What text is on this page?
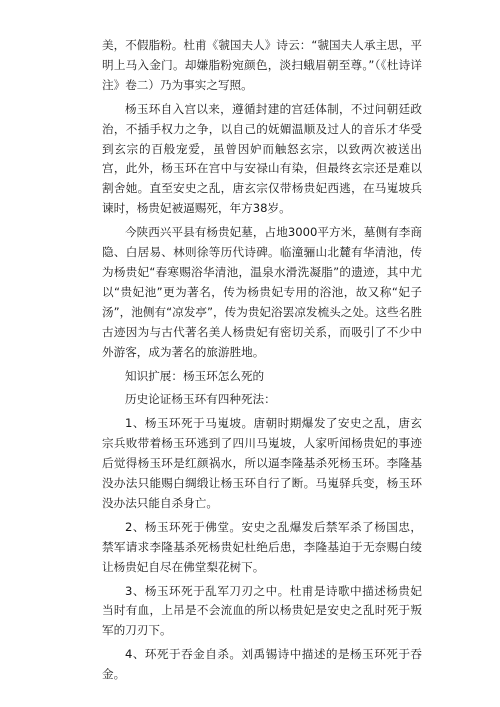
美，不假脂粉。杜甫《虢国夫人》诗云：“虢国夫人承主思，平明上马入金门。却嫌脂粉宛颜色，淡扫蛾眉朝至尊。”（《杜诗详注》卷二）乃为事实之写照。

杨玉环自入宫以来，遵循封建的宫廷体制，不过问朝廷政治，不插手权力之争，以自己的妩媚温顺及过人的音乐才华受到玄宗的百般宠爱，虽曾因妒而触怒玄宗，以致两次被送出宫，此外，杨玉环在宫中与安禄山有染，但最终玄宗还是难以割舍她。直至安史之乱，唐玄宗仅带杨贵妃西逃，在马嵬坡兵谏时，杨贵妃被逼赐死，年方38岁。

今陕西兴平县有杨贵妃墓，占地3000平方米，墓侧有李商隐、白居易、林则徐等历代诗碑。临潼骊山北麓有华清池，传为杨贵妃“春寒赐浴华清池，温泉水滑洗凝脂”的遗迹，其中尤以“贵妃池”更为著名，传为杨贵妃专用的浴池，故又称“妃子汤”，池侧有“凉发亭”，传为贵妃浴罢凉发梳头之处。这些名胜古迹因为与古代著名美人杨贵妃有密切关系，而吸引了不少中外游客，成为著名的旅游胜地。

知识扩展：杨玉环怎么死的

历史论证杨玉环有四种死法：

1、杨玉环死于马嵬坡。唐朝时期爆发了安史之乱，唐玄宗兵败带着杨玉环逃到了四川马嵬坡，人家听闻杨贵妃的事迹后觉得杨玉环是红颜祸水，所以逼李隆基杀死杨玉环。李隆基没办法只能赐白绸缎让杨玉环自行了断。马嵬驿兵变，杨玉环没办法只能自杀身亡。

2、杨玉环死于佛堂。安史之乱爆发后禁军杀了杨国忠，禁军请求李隆基杀死杨贵妃杜绝后患，李隆基迫于无奈赐白绫让杨贵妃自尽在佛堂梨花树下。

3、杨玉环死于乱军刀刃之中。杜甫是诗歌中描述杨贵妃当时有血，上吊是不会流血的所以杨贵妃是安史之乱时死于叛军的刀刃下。

4、环死于吞金自杀。刘禹锡诗中描述的是杨玉环死于吞金。
